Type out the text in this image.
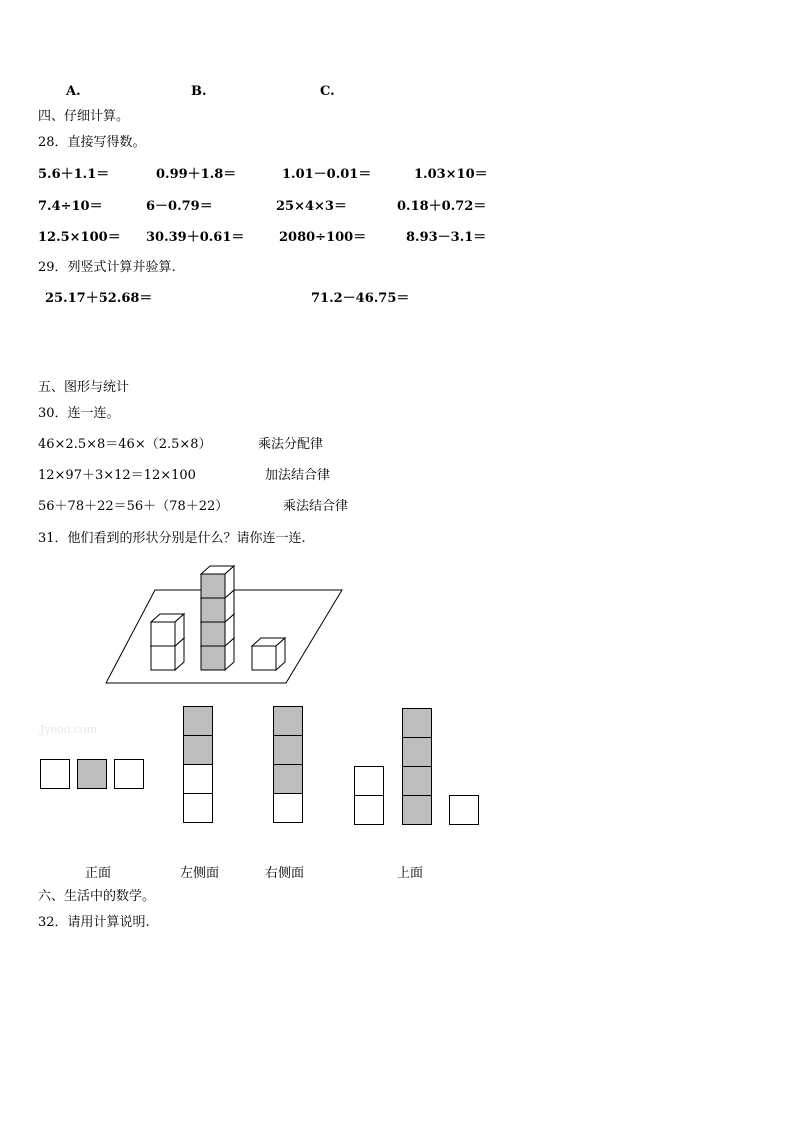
A.	B.	C.
四、仔细计算。
28．直接写得数。
5.6＋1.1＝	0.99＋1.8＝	1.01－0.01＝	1.03×10＝
7.4÷10＝	6－0.79＝	25×4×3＝	0.18＋0.72＝
12.5×100＝ 30.39＋0.61＝	2080÷100＝	8.93－3.1＝
29．列竖式计算并验算.
25.17＋52.68＝	71.2－46.75＝
五、图形与统计
30．连一连。
46×2.5×8＝46×（2.5×8）	乘法分配律
12×97＋3×12＝12×100	加法结合律
56＋78＋22＝56＋（78＋22）	乘法结合律
31．他们看到的形状分别是什么？请你连一连.
Jyeoo.com
正面	左侧面	右侧面	上面
六、生活中的数学。
32．请用计算说明.
